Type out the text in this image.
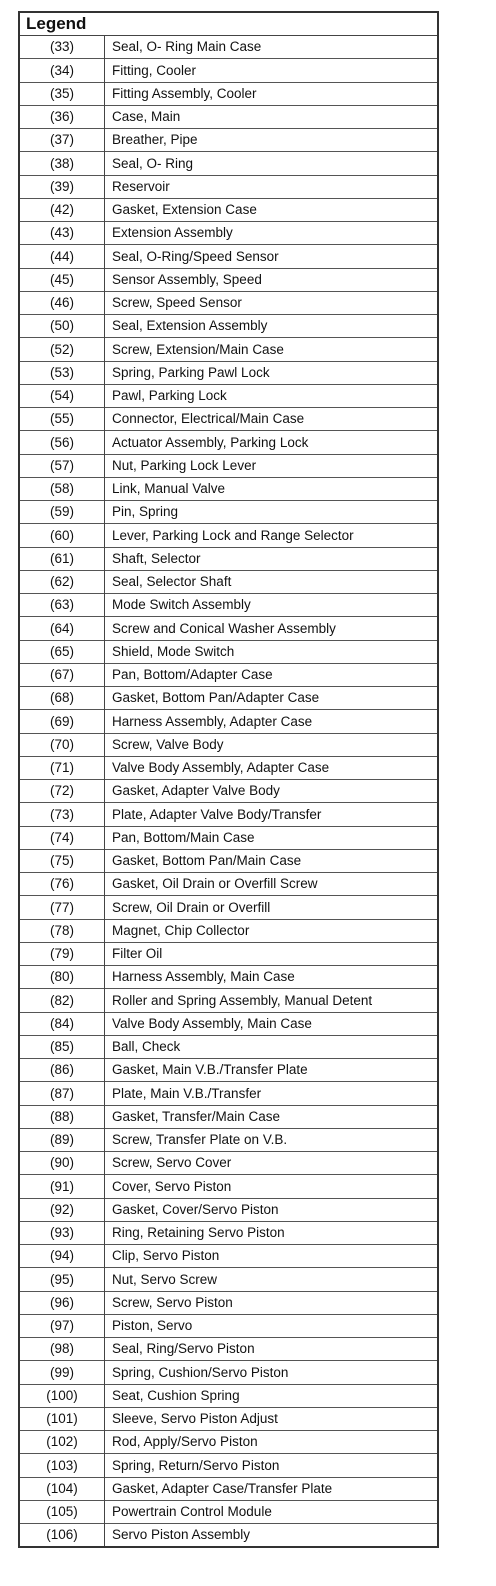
Legend	
(33)	Seal, O- Ring Main Case
(34)	Fitting, Cooler
(35)	Fitting Assembly, Cooler
(36)	Case, Main
(37)	Breather, Pipe
(38)	Seal, O- Ring
(39)	Reservoir
(42)	Gasket, Extension Case
(43)	Extension Assembly
(44)	Seal, O-Ring/Speed Sensor
(45)	Sensor Assembly, Speed
(46)	Screw, Speed Sensor
(50)	Seal, Extension Assembly
(52)	Screw, Extension/Main Case
(53)	Spring, Parking Pawl Lock
(54)	Pawl, Parking Lock
(55)	Connector, Electrical/Main Case
(56)	Actuator Assembly, Parking Lock
(57)	Nut, Parking Lock Lever
(58)	Link, Manual Valve
(59)	Pin, Spring
(60)	Lever, Parking Lock and Range Selector
(61)	Shaft, Selector
(62)	Seal, Selector Shaft
(63)	Mode Switch Assembly
(64)	Screw and Conical Washer Assembly
(65)	Shield, Mode Switch
(67)	Pan, Bottom/Adapter Case
(68)	Gasket, Bottom Pan/Adapter Case
(69)	Harness Assembly, Adapter Case
(70)	Screw, Valve Body
(71)	Valve Body Assembly, Adapter Case
(72)	Gasket, Adapter Valve Body
(73)	Plate, Adapter Valve Body/Transfer
(74)	Pan, Bottom/Main Case
(75)	Gasket, Bottom Pan/Main Case
(76)	Gasket, Oil Drain or Overfill Screw
(77)	Screw, Oil Drain or Overfill
(78)	Magnet, Chip Collector
(79)	Filter Oil
(80)	Harness Assembly, Main Case
(82)	Roller and Spring Assembly, Manual Detent
(84)	Valve Body Assembly, Main Case
(85)	Ball, Check
(86)	Gasket, Main V.B./Transfer Plate
(87)	Plate, Main V.B./Transfer
(88)	Gasket, Transfer/Main Case
(89)	Screw, Transfer Plate on V.B.
(90)	Screw, Servo Cover
(91)	Cover, Servo Piston
(92)	Gasket, Cover/Servo Piston
(93)	Ring, Retaining Servo Piston
(94)	Clip, Servo Piston
(95)	Nut, Servo Screw
(96)	Screw, Servo Piston
(97)	Piston, Servo
(98)	Seal, Ring/Servo Piston
(99)	Spring, Cushion/Servo Piston
(100)	Seat, Cushion Spring
(101)	Sleeve, Servo Piston Adjust
(102)	Rod, Apply/Servo Piston
(103)	Spring, Return/Servo Piston
(104)	Gasket, Adapter Case/Transfer Plate
(105)	Powertrain Control Module
(106)	Servo Piston Assembly
